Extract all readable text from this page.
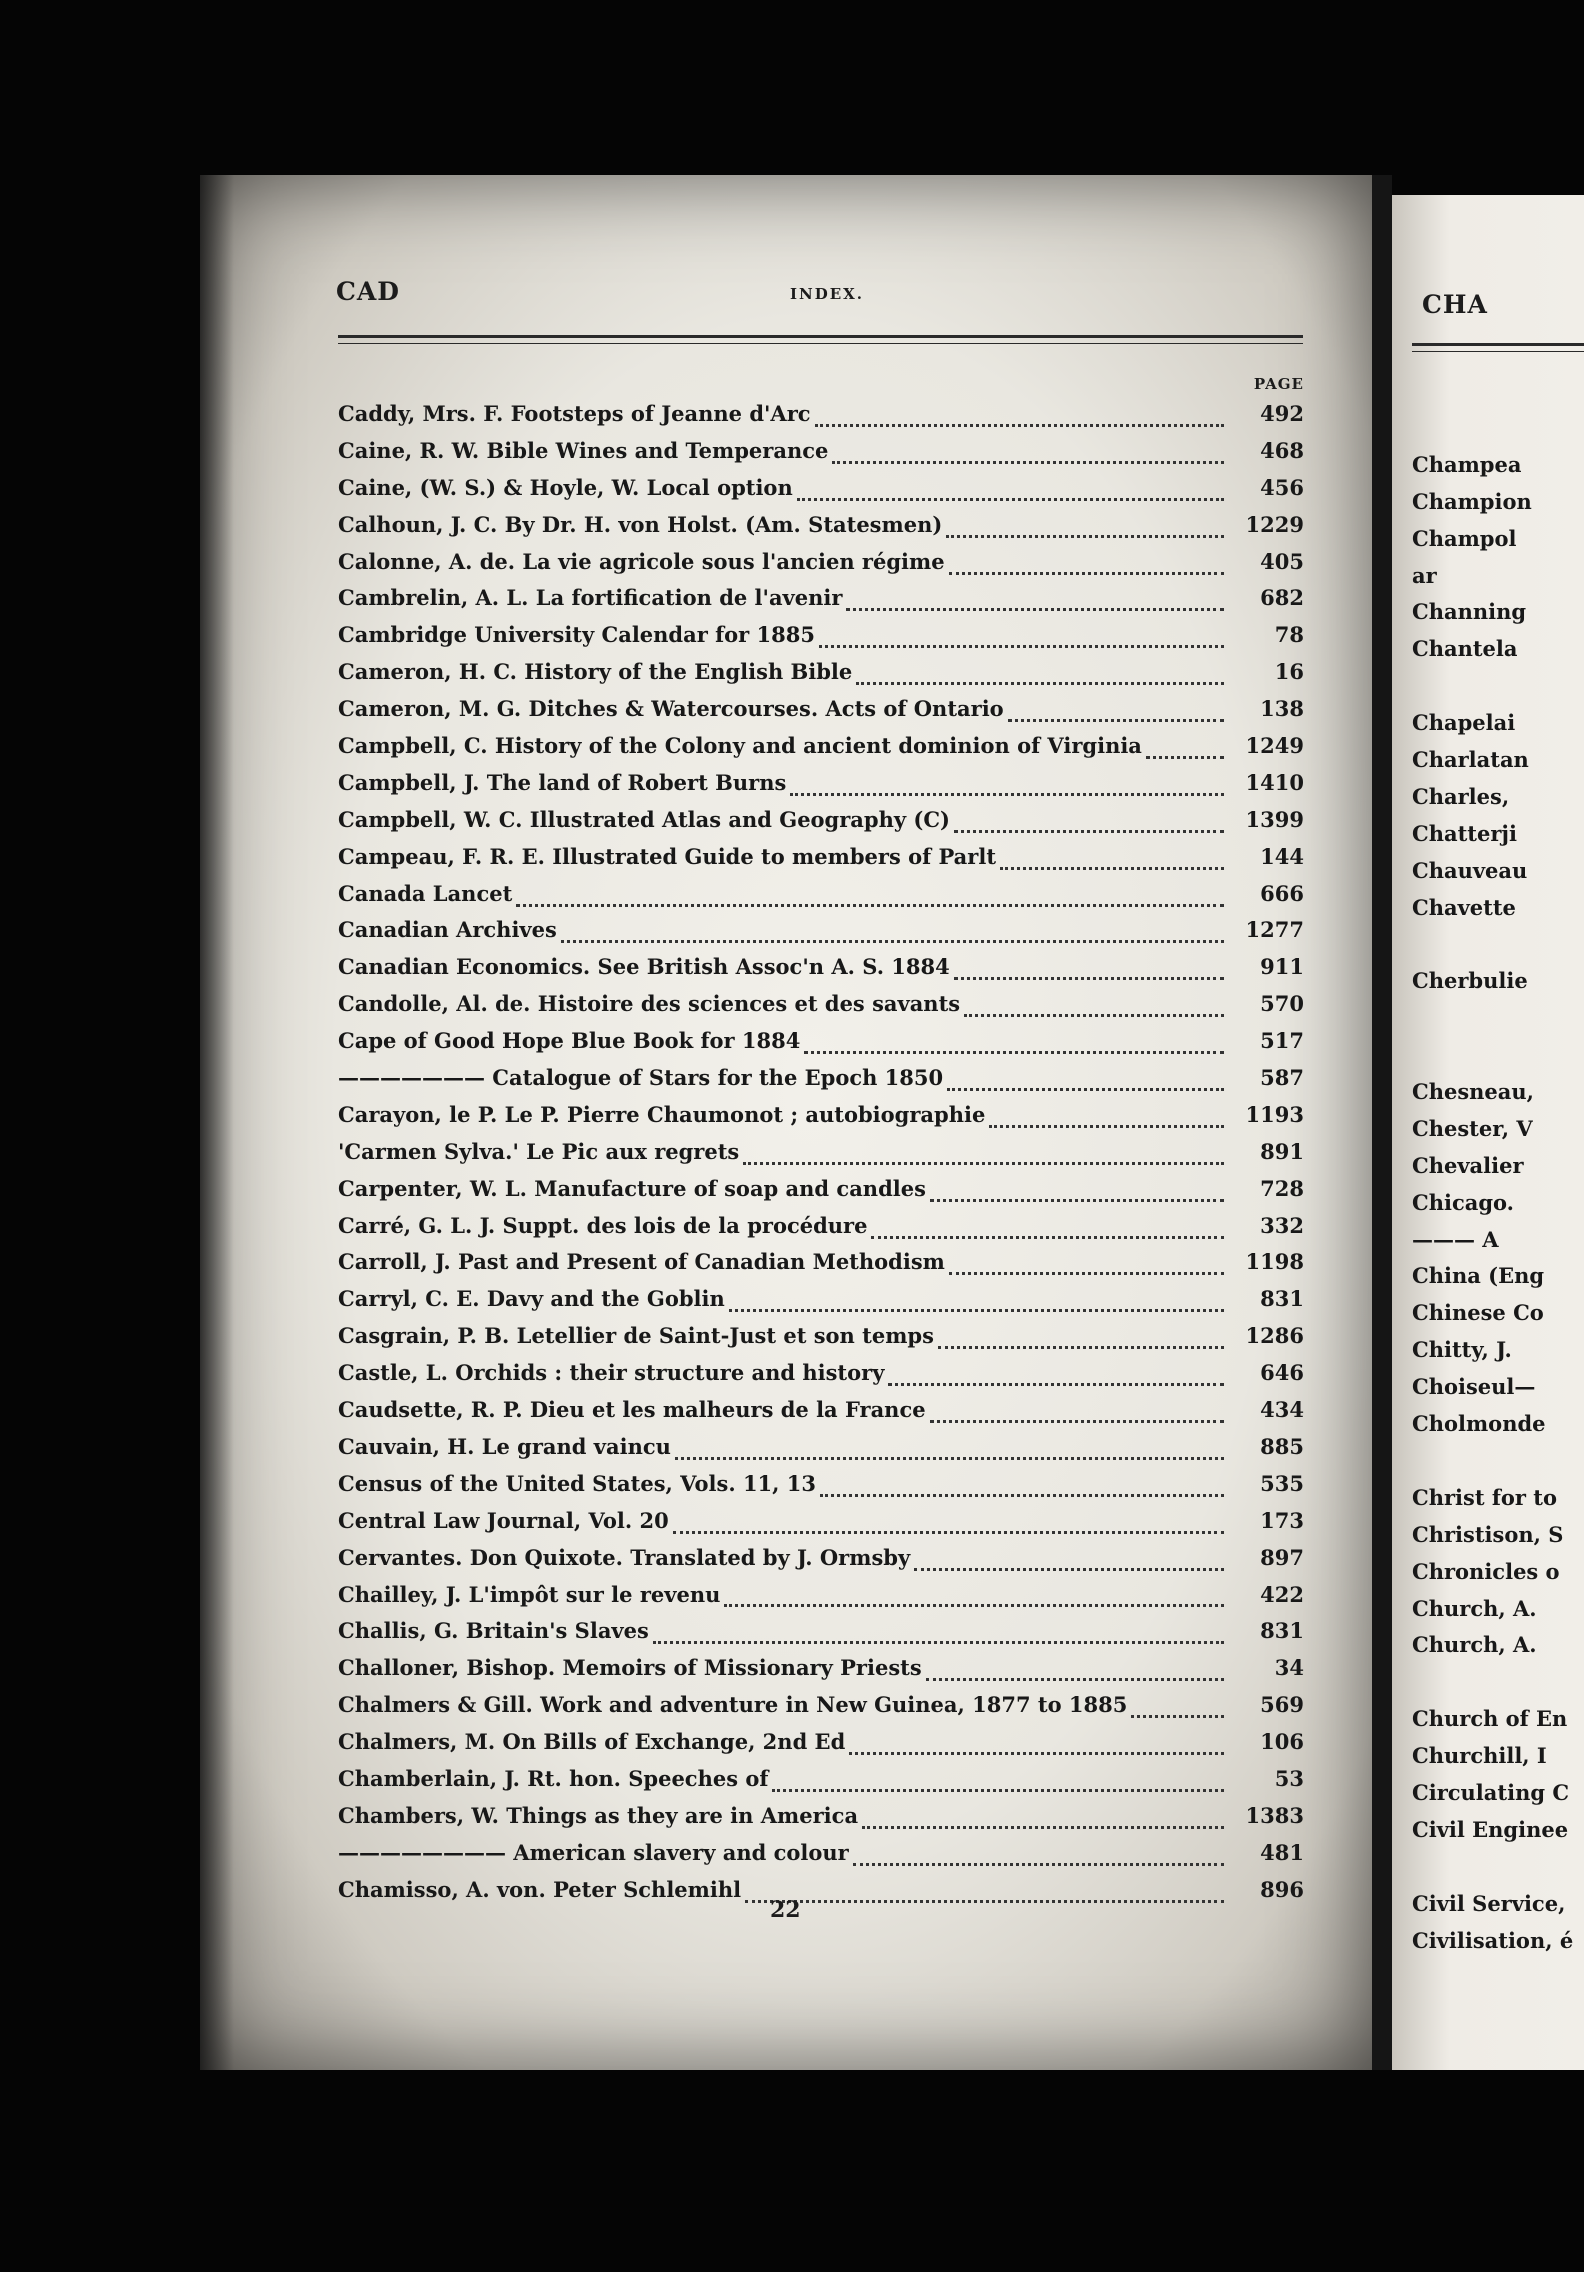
CAD	INDEX.
PAGE
Caddy, Mrs. F. Footsteps of Jeanne d'Arc	492
Caine, R. W. Bible Wines and Temperance	468
Caine, (W. S.) & Hoyle, W. Local option	456
Calhoun, J. C. By Dr. H. von Holst. (Am. Statesmen)	1229
Calonne, A. de. La vie agricole sous l'ancien régime	405
Cambrelin, A. L. La fortification de l'avenir	682
Cambridge University Calendar for 1885	78
Cameron, H. C. History of the English Bible	16
Cameron, M. G. Ditches & Watercourses. Acts of Ontario	138
Campbell, C. History of the Colony and ancient dominion of Virginia	1249
Campbell, J. The land of Robert Burns	1410
Campbell, W. C. Illustrated Atlas and Geography (C)	1399
Campeau, F. R. E. Illustrated Guide to members of Parlt	144
Canada Lancet	666
Canadian Archives	1277
Canadian Economics. See British Assoc'n A. S. 1884	911
Candolle, Al. de. Histoire des sciences et des savants	570
Cape of Good Hope Blue Book for 1884	517
——————— Catalogue of Stars for the Epoch 1850	587
Carayon, le P. Le P. Pierre Chaumonot ; autobiographie	1193
'Carmen Sylva.' Le Pic aux regrets	891
Carpenter, W. L. Manufacture of soap and candles	728
Carré, G. L. J. Suppt. des lois de la procédure	332
Carroll, J. Past and Present of Canadian Methodism	1198
Carryl, C. E. Davy and the Goblin	831
Casgrain, P. B. Letellier de Saint-Just et son temps	1286
Castle, L. Orchids : their structure and history	646
Caudsette, R. P. Dieu et les malheurs de la France	434
Cauvain, H. Le grand vaincu	885
Census of the United States, Vols. 11, 13	535
Central Law Journal, Vol. 20	173
Cervantes. Don Quixote. Translated by J. Ormsby	897
Chailley, J. L'impôt sur le revenu	422
Challis, G. Britain's Slaves	831
Challoner, Bishop. Memoirs of Missionary Priests	34
Chalmers & Gill. Work and adventure in New Guinea, 1877 to 1885	569
Chalmers, M. On Bills of Exchange, 2nd Ed	106
Chamberlain, J. Rt. hon. Speeches of	53
Chambers, W. Things as they are in America	1383
———————— American slavery and colour	481
Chamisso, A. von. Peter Schlemihl	896
22
CHA
Champea
Champion
Champol
ar
Channing
Chantela
Chapelai
Charlatan
Charles,
Chatterji
Chauveau
Chavette
Cherbulie
Chesneau,
Chester, V
Chevalier
Chicago.
——— A
China (Eng
Chinese Co
Chitty, J.
Choiseul—
Cholmonde
Christ for to
Christison, S
Chronicles o
Church, A.
Church, A.
Church of En
Churchill, I
Circulating C
Civil Enginee
Civil Service,
Civilisation, é
